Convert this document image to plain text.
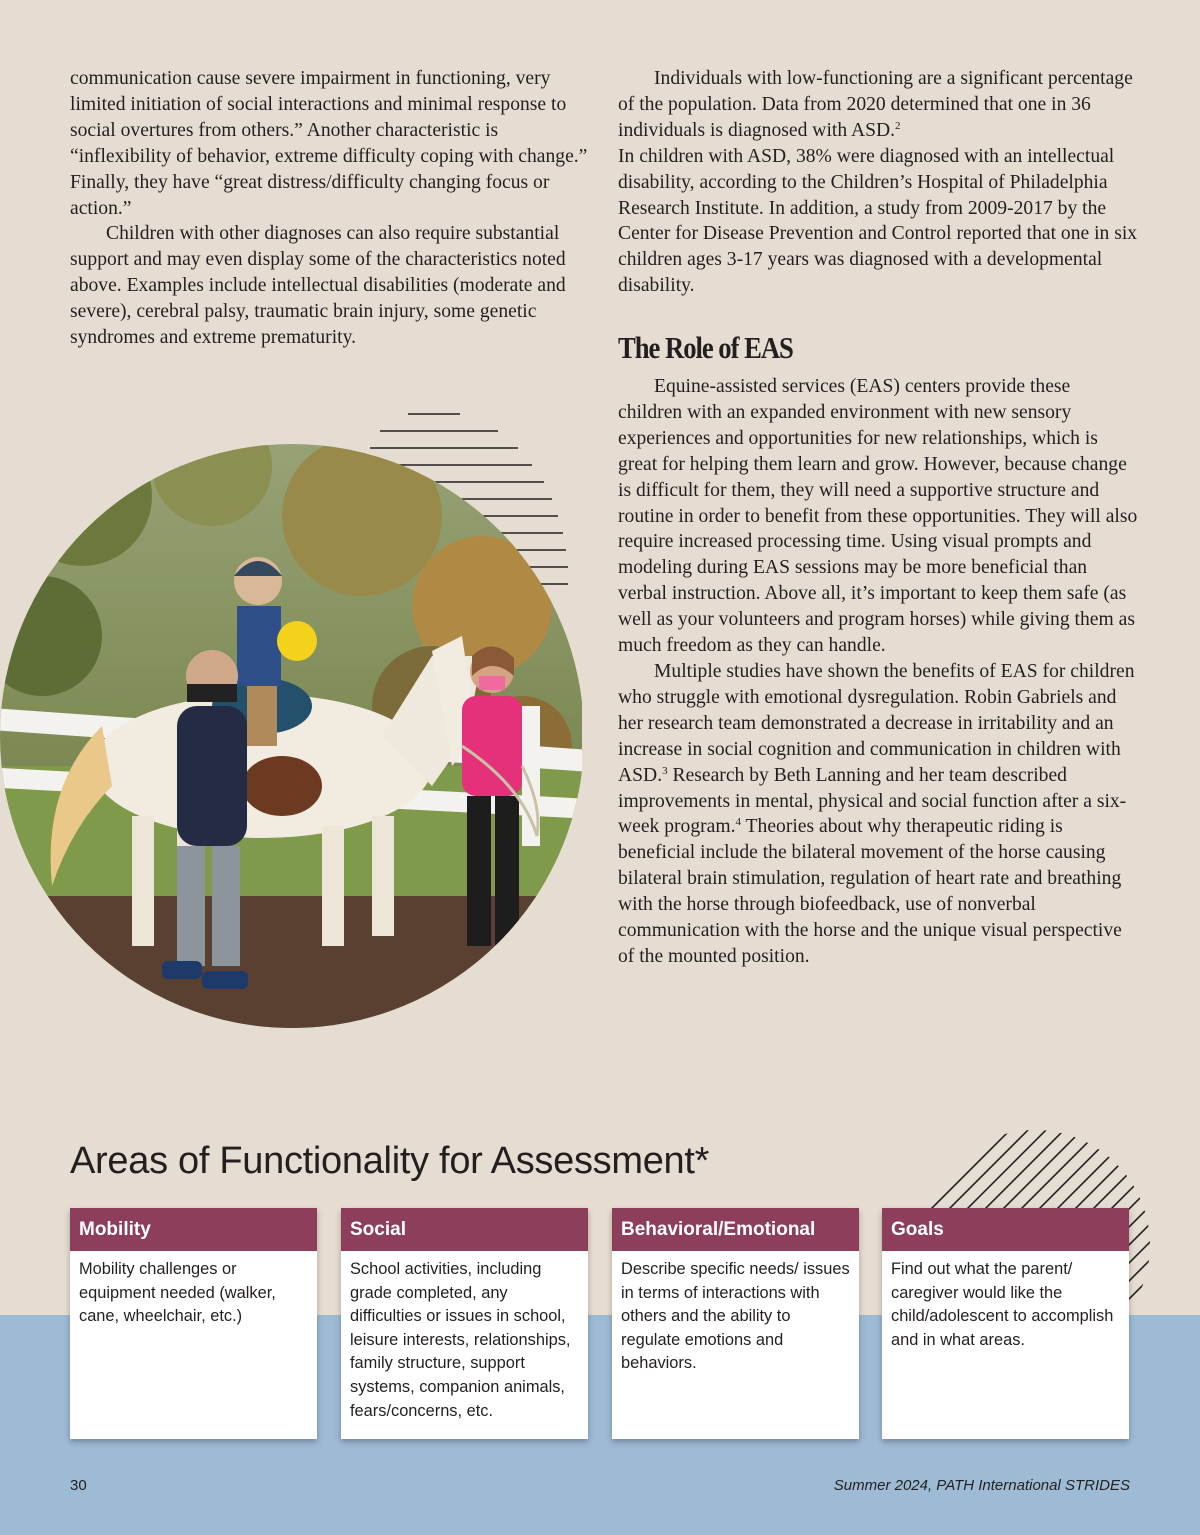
communication cause severe impairment in functioning, very limited initiation of social interactions and minimal response to social overtures from others.” Another characteristic is “inflexibility of behavior, extreme difficulty coping with change.” Finally, they have “great distress/difficulty changing focus or action.”

Children with other diagnoses can also require substantial support and may even display some of the characteristics noted above. Examples include intellectual disabilities (moderate and severe), cerebral palsy, traumatic brain injury, some genetic syndromes and extreme prematurity.

Individuals with low-functioning are a significant percentage of the population. Data from 2020 determined that one in 36 individuals is diagnosed with ASD.$^2$
In children with ASD, 38% were diagnosed with an intellectual disability, according to the Children’s Hospital of Philadelphia Research Institute. In addition, a study from 2009-2017 by the Center for Disease Prevention and Control reported that one in six children ages 3-17 years was diagnosed with a developmental disability.

The Role of EAS

Equine-assisted services (EAS) centers provide these children with an expanded environment with new sensory experiences and opportunities for new relationships, which is great for helping them learn and grow. However, because change is difficult for them, they will need a supportive structure and routine in order to benefit from these opportunities. They will also require increased processing time. Using visual prompts and modeling during EAS sessions may be more beneficial than verbal instruction. Above all, it’s important to keep them safe (as well as your volunteers and program horses) while giving them as much freedom as they can handle.

Multiple studies have shown the benefits of EAS for children who struggle with emotional dysregulation. Robin Gabriels and her research team demonstrated a decrease in irritability and an increase in social cognition and communication in children with ASD.$^3$ Research by Beth Lanning and her team described improvements in mental, physical and social function after a six-week program.$^4$ Theories about why therapeutic riding is beneficial include the bilateral movement of the horse causing bilateral brain stimulation, regulation of heart rate and breathing with the horse through biofeedback, use of nonverbal communication with the horse and the unique visual perspective of the mounted position.

Areas of Functionality for Assessment*
Mobility
Mobility challenges or equipment needed (walker, cane, wheelchair, etc.)
Social
School activities, including grade completed, any difficulties or issues in school, leisure interests, relationships, family structure, support systems, companion animals, fears/concerns, etc.
Behavioral/Emotional
Describe specific needs/ issues in terms of interactions with others and the ability to regulate emotions and behaviors.
Goals
Find out what the parent/ caregiver would like the child/adolescent to accomplish and in what areas.
30	Summer 2024, PATH International STRIDES
